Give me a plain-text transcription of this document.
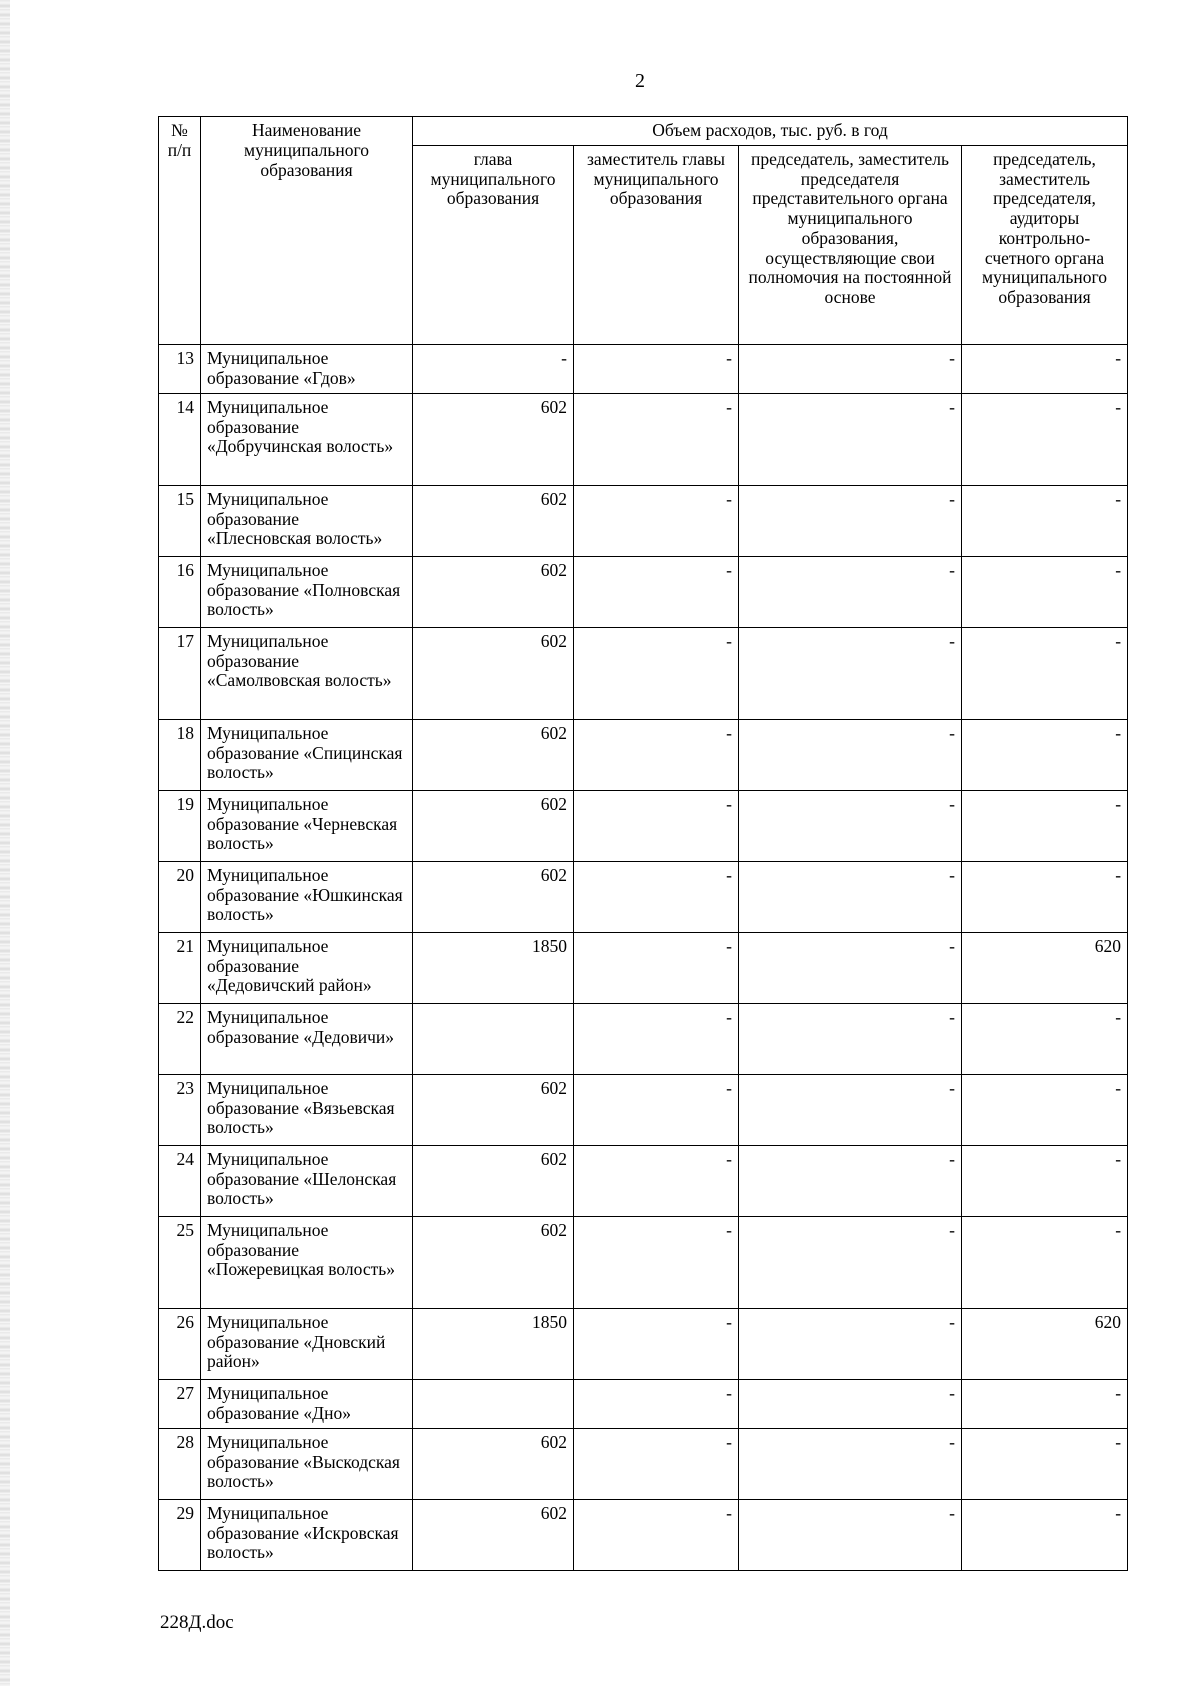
2
№ п/п	Наименование муниципального образования	Объем расходов, тыс. руб. в год			
		глава муниципального образования	заместитель главы муниципального образования	председатель, заместитель председателя представительного органа муниципального образования, осуществляющие свои полномочия на постоянной основе	председатель, заместитель председателя, аудиторы контрольно-счетного органа муниципального образования
13	Муниципальное образование «Гдов»	-	-	-	-
14	Муниципальное образование «Добручинская волость»	602	-	-	-
15	Муниципальное образование «Плесновская волость»	602	-	-	-
16	Муниципальное образование «Полновская волость»	602	-	-	-
17	Муниципальное образование «Самолвовская волость»	602	-	-	-
18	Муниципальное образование «Спицинская волость»	602	-	-	-
19	Муниципальное образование «Черневская волость»	602	-	-	-
20	Муниципальное образование «Юшкинская волость»	602	-	-	-
21	Муниципальное образование «Дедовичский район»	1850	-	-	620
22	Муниципальное образование «Дедовичи»		-	-	-
23	Муниципальное образование «Вязьевская волость»	602	-	-	-
24	Муниципальное образование «Шелонская волость»	602	-	-	-
25	Муниципальное образование «Пожеревицкая волость»	602	-	-	-
26	Муниципальное образование «Дновский район»	1850	-	-	620
27	Муниципальное образование «Дно»		-	-	-
28	Муниципальное образование «Выскодская волость»	602	-	-	-
29	Муниципальное образование «Искровская волость»	602	-	-	-
228Д.doc
